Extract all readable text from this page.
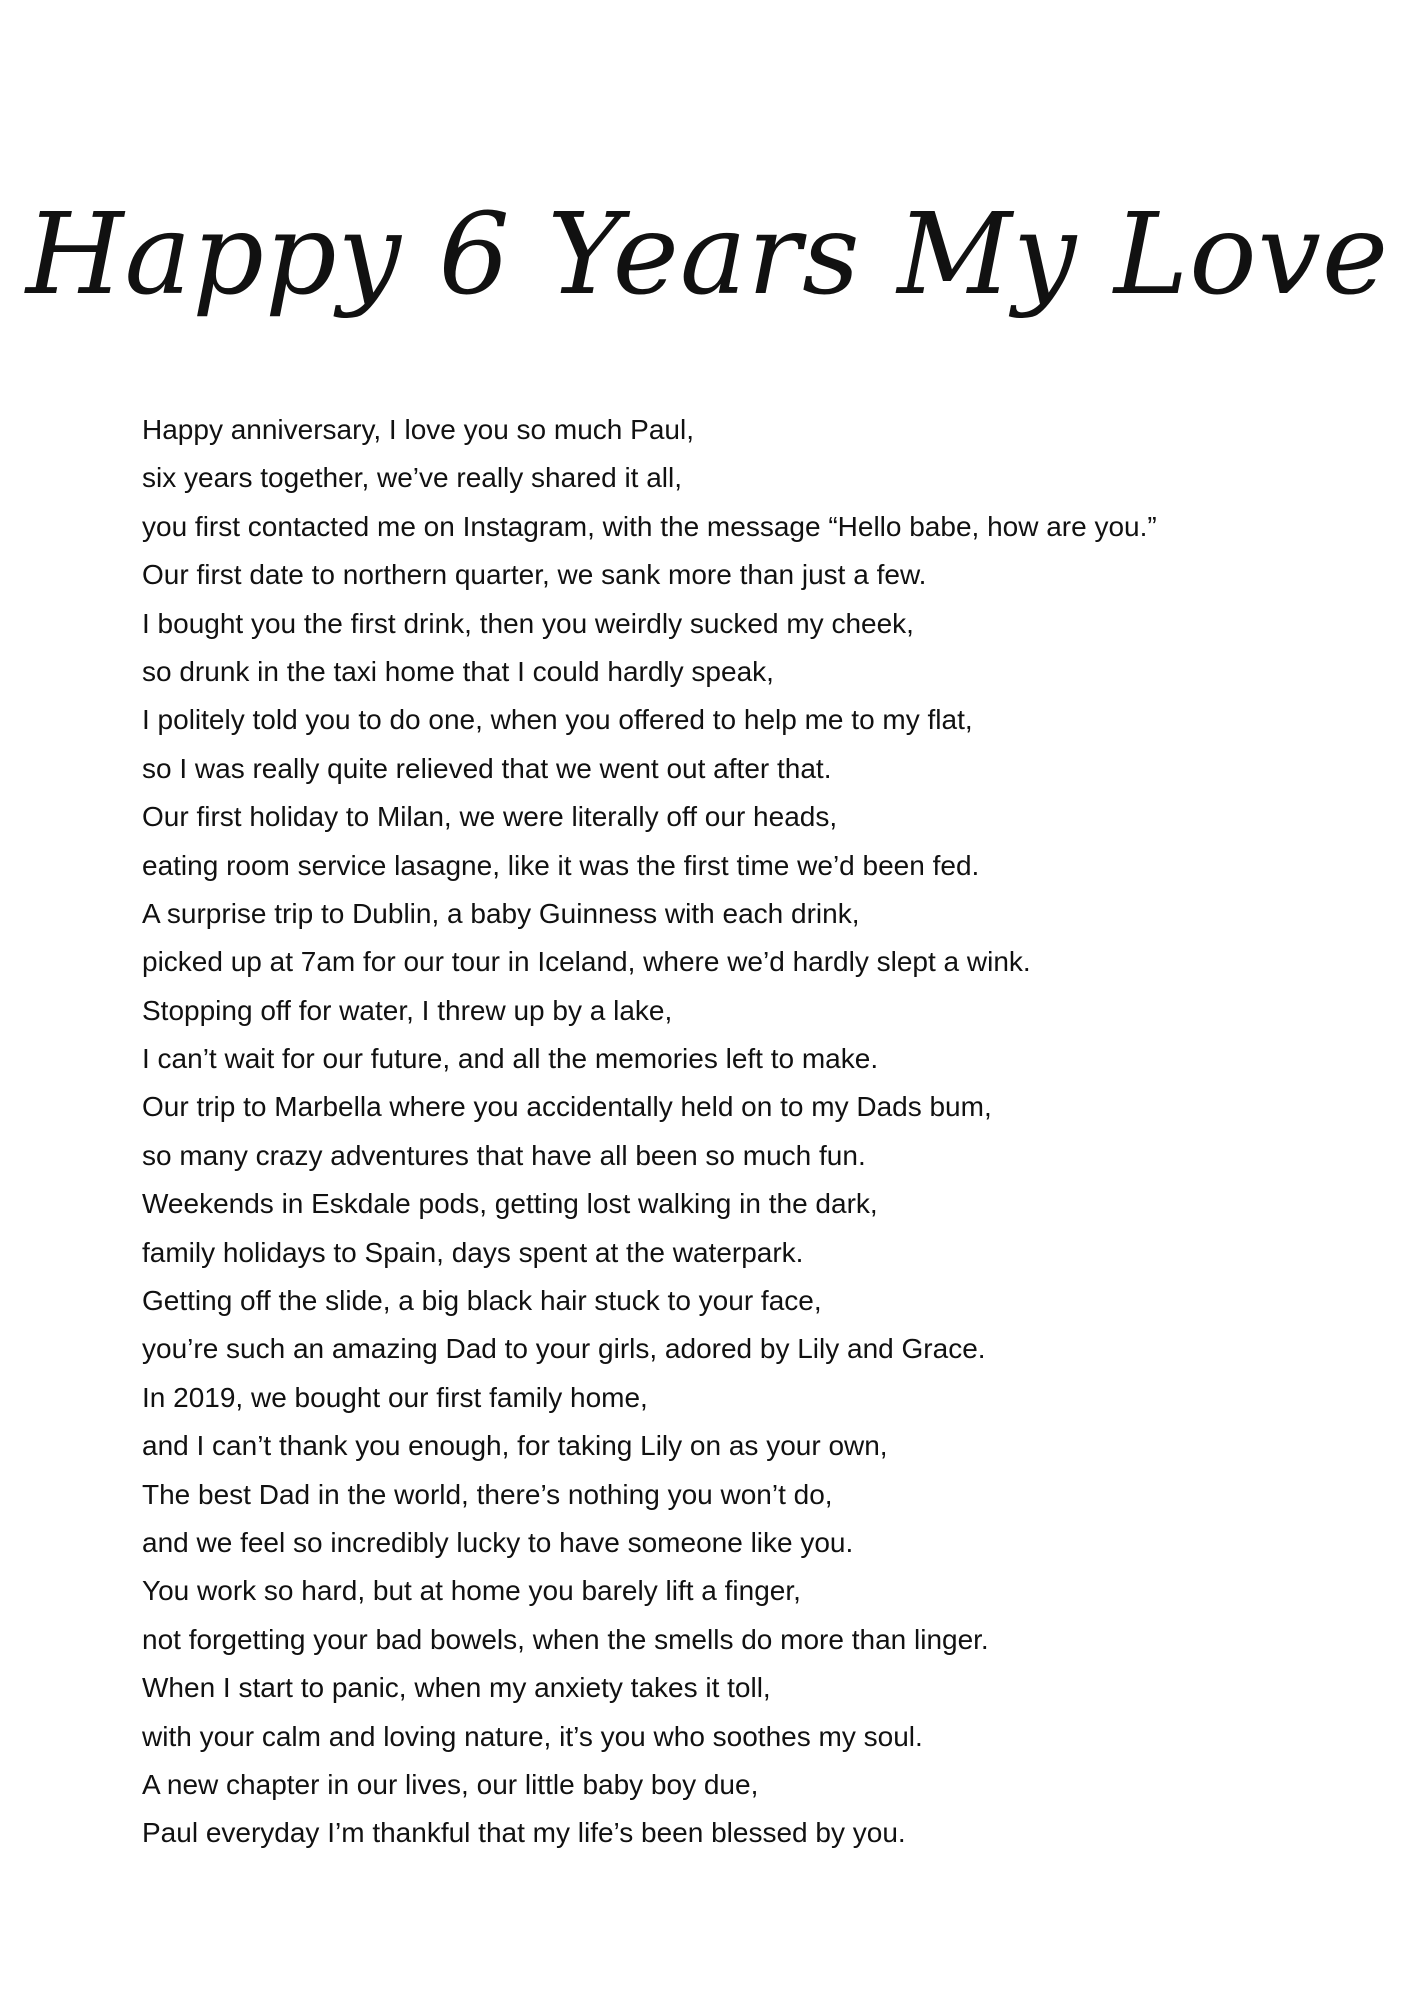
Happy 6 Years My Love
Happy anniversary, I love you so much Paul,
six years together, we’ve really shared it all,
you first contacted me on Instagram, with the message “Hello babe, how are you.”
Our first date to northern quarter, we sank more than just a few.
I bought you the first drink, then you weirdly sucked my cheek,
so drunk in the taxi home that I could hardly speak,
I politely told you to do one, when you offered to help me to my flat,
so I was really quite relieved that we went out after that.
Our first holiday to Milan, we were literally off our heads,
eating room service lasagne, like it was the first time we’d been fed.
A surprise trip to Dublin, a baby Guinness with each drink,
picked up at 7am for our tour in Iceland, where we’d hardly slept a wink.
Stopping off for water, I threw up by a lake,
I can’t wait for our future, and all the memories left to make.
Our trip to Marbella where you accidentally held on to my Dads bum,
so many crazy adventures that have all been so much fun.
Weekends in Eskdale pods, getting lost walking in the dark,
family holidays to Spain, days spent at the waterpark.
Getting off the slide, a big black hair stuck to your face,
you’re such an amazing Dad to your girls, adored by Lily and Grace.
In 2019, we bought our first family home,
and I can’t thank you enough, for taking Lily on as your own,
The best Dad in the world, there’s nothing you won’t do,
and we feel so incredibly lucky to have someone like you.
You work so hard, but at home you barely lift a finger,
not forgetting your bad bowels, when the smells do more than linger.
When I start to panic, when my anxiety takes it toll,
with your calm and loving nature, it’s you who soothes my soul.
A new chapter in our lives, our little baby boy due,
Paul everyday I’m thankful that my life’s been blessed by you.
